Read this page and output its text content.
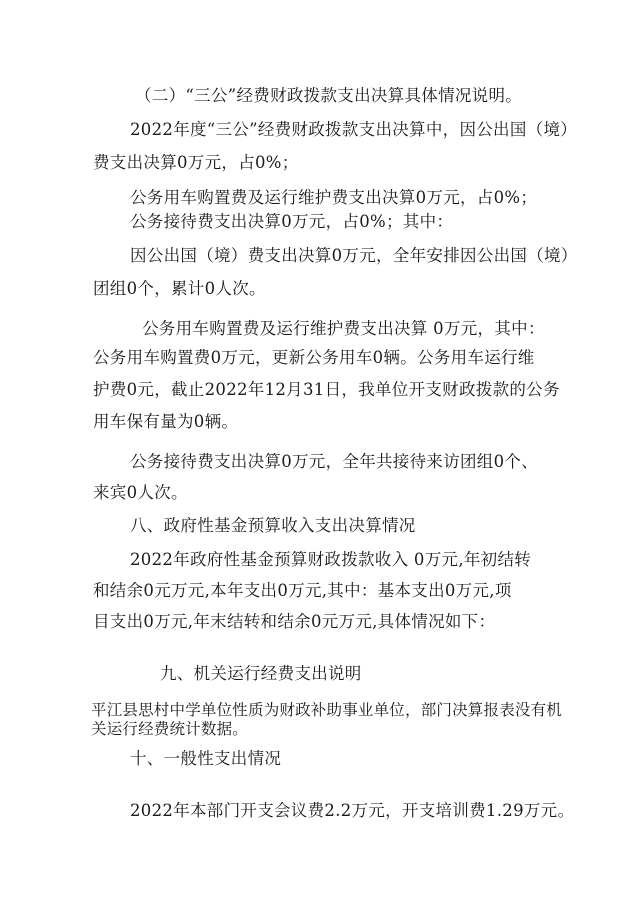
（二）“三公”经费财政拨款支出决算具体情况说明。
2022年度“三公”经费财政拨款支出决算中，因公出国（境）
费支出决算0万元，占0%；
公务用车购置费及运行维护费支出决算0万元，占0%；
公务接待费支出决算0万元，占0%；其中：
因公出国（境）费支出决算0万元，全年安排因公出国（境）
团组0个，累计0人次。
公务用车购置费及运行维护费支出决算 0万元，其中：
公务用车购置费0万元，更新公务用车0辆。公务用车运行维
护费0元，截止2022年12月31日，我单位开支财政拨款的公务
用车保有量为0辆。
公务接待费支出决算0万元，全年共接待来访团组0个、
来宾0人次。
八、政府性基金预算收入支出决算情况
2022年政府性基金预算财政拨款收入 0万元,年初结转
和结余0元万元,本年支出0万元,其中：基本支出0万元,项
目支出0万元,年末结转和结余0元万元,具体情况如下：
九、机关运行经费支出说明
平江县思村中学单位性质为财政补助事业单位，部门决算报表没有机
关运行经费统计数据。
十、一般性支出情况
2022年本部门开支会议费2.2万元，开支培训费1.29万元。
